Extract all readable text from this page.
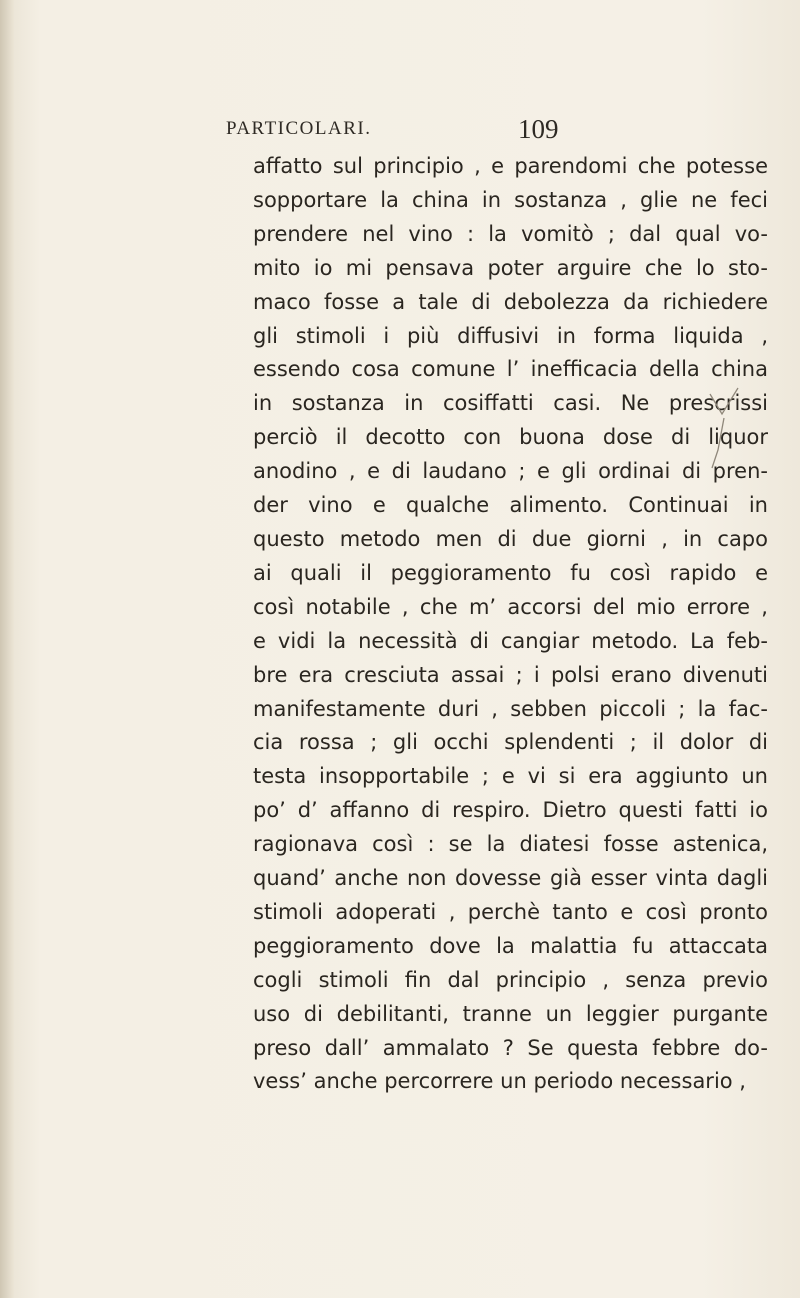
PARTICOLARI.	109
affatto sul principio , e parendomi che potesse
sopportare la china in sostanza , glie ne feci
prendere nel vino : la vomitò ; dal qual vo-
mito io mi pensava poter arguire che lo sto-
maco fosse a tale di debolezza da richiedere
gli stimoli i più diffusivi in forma liquida ,
essendo cosa comune l’ inefficacia della china
in sostanza in cosiffatti casi. Ne prescrissi
perciò il decotto con buona dose di liquor
anodino , e di laudano ; e gli ordinai di pren-
der vino e qualche alimento. Continuai in
questo metodo men di due giorni , in capo
ai quali il peggioramento fu così rapido e
così notabile , che m’ accorsi del mio errore ,
e vidi la necessità di cangiar metodo. La feb-
bre era cresciuta assai ; i polsi erano divenuti
manifestamente duri , sebben piccoli ; la fac-
cia rossa ; gli occhi splendenti ; il dolor di
testa insopportabile ; e vi si era aggiunto un
po’ d’ affanno di respiro. Dietro questi fatti io
ragionava così : se la diatesi fosse astenica,
quand’ anche non dovesse già esser vinta dagli
stimoli adoperati , perchè tanto e così pronto
peggioramento dove la malattia fu attaccata
cogli stimoli fin dal principio , senza previo
uso di debilitanti, tranne un leggier purgante
preso dall’ ammalato ? Se questa febbre do-
vess’ anche percorrere un periodo necessario ,
